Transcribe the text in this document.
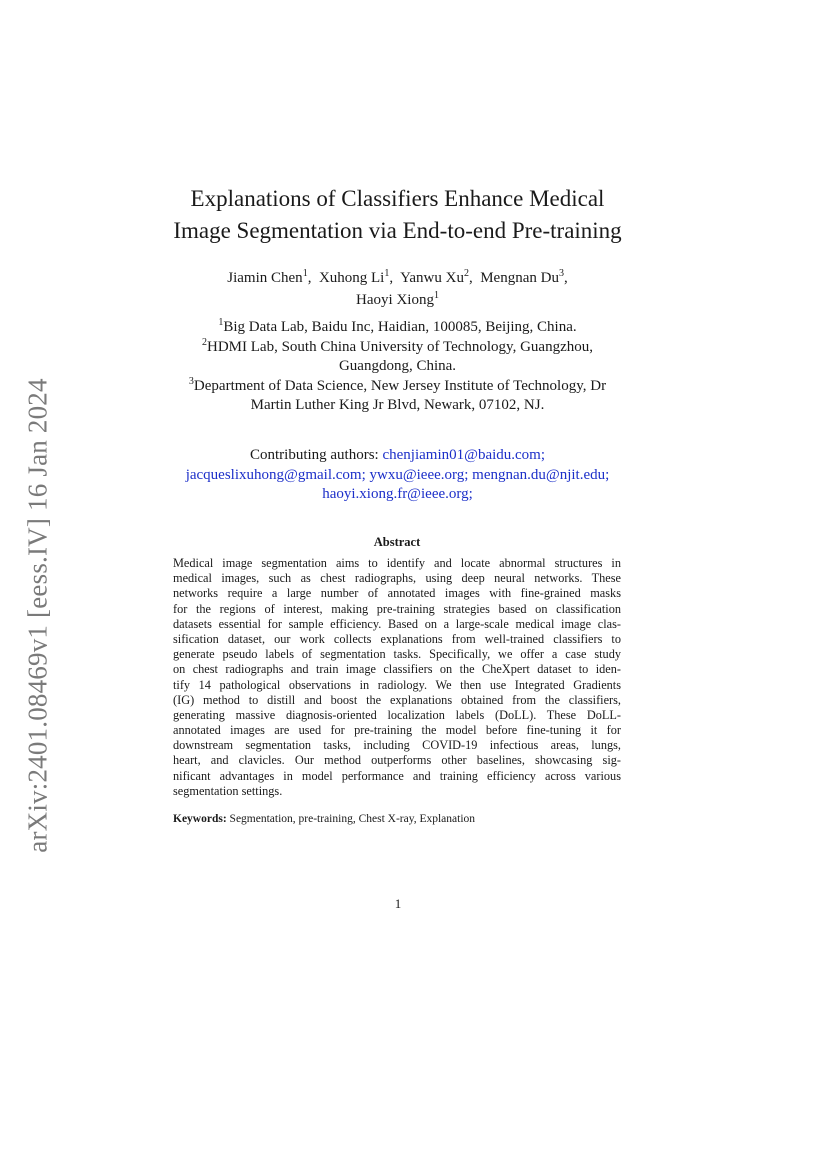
arXiv:2401.08469v1 [eess.IV] 16 Jan 2024
Explanations of Classifiers Enhance Medical
Image Segmentation via End-to-end Pre-training
Jiamin Chen$^1$,  Xuhong Li$^1$,  Yanwu Xu$^2$,  Mengnan Du$^3$,
Haoyi Xiong$^1$
$^1$Big Data Lab, Baidu Inc, Haidian, 100085, Beijing, China.
$^2$HDMI Lab, South China University of Technology, Guangzhou,
Guangdong, China.
$^3$Department of Data Science, New Jersey Institute of Technology, Dr
Martin Luther King Jr Blvd, Newark, 07102, NJ.
Contributing authors: chenjiamin01@baidu.com;
jacqueslixuhong@gmail.com; ywxu@ieee.org; mengnan.du@njit.edu;
haoyi.xiong.fr@ieee.org;
Abstract
Medical image segmentation aims to identify and locate abnormal structures in
medical images, such as chest radiographs, using deep neural networks. These
networks require a large number of annotated images with fine-grained masks
for the regions of interest, making pre-training strategies based on classification
datasets essential for sample efficiency. Based on a large-scale medical image clas-
sification dataset, our work collects explanations from well-trained classifiers to
generate pseudo labels of segmentation tasks. Specifically, we offer a case study
on chest radiographs and train image classifiers on the CheXpert dataset to iden-
tify 14 pathological observations in radiology. We then use Integrated Gradients
(IG) method to distill and boost the explanations obtained from the classifiers,
generating massive diagnosis-oriented localization labels (DoLL). These DoLL-
annotated images are used for pre-training the model before fine-tuning it for
downstream segmentation tasks, including COVID-19 infectious areas, lungs,
heart, and clavicles. Our method outperforms other baselines, showcasing sig-
nificant advantages in model performance and training efficiency across various
segmentation settings.
Keywords: Segmentation, pre-training, Chest X-ray, Explanation
1
